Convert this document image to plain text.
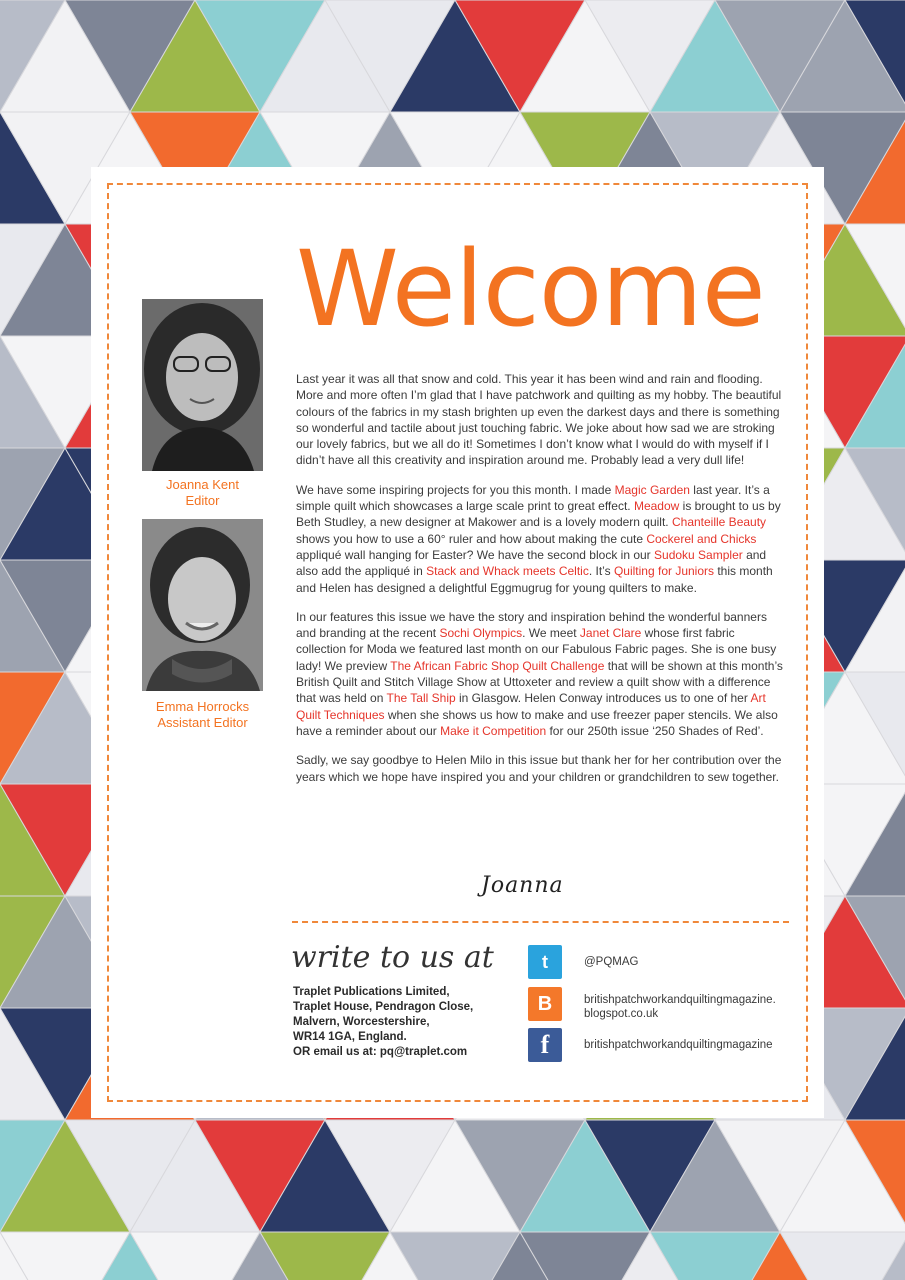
Welcome
Joanna Kent
Editor
Emma Horrocks
Assistant Editor

Last year it was all that snow and cold. This year it has been wind and rain and flooding. More and more often I’m glad that I have patchwork and quilting as my hobby. The beautiful colours of the fabrics in my stash brighten up even the darkest days and there is something so wonderful and tactile about just touching fabric. We joke about how sad we are stroking our lovely fabrics, but we all do it! Sometimes I don’t know what I would do with myself if I didn’t have all this creativity and inspiration around me. Probably lead a very dull life!

We have some inspiring projects for you this month. I made Magic Garden last year. It’s a simple quilt which showcases a large scale print to great effect. Meadow is brought to us by Beth Studley, a new designer at Makower and is a lovely modern quilt. Chanteille Beauty shows you how to use a 60° ruler and how about making the cute Cockerel and Chicks appliqué wall hanging for Easter? We have the second block in our Sudoku Sampler and also add the appliqué in Stack and Whack meets Celtic. It’s Quilting for Juniors this month and Helen has designed a delightful Eggmugrug for young quilters to make.

In our features this issue we have the story and inspiration behind the wonderful banners and branding at the recent Sochi Olympics. We meet Janet Clare whose first fabric collection for Moda we featured last month on our Fabulous Fabric pages. She is one busy lady! We preview The African Fabric Shop Quilt Challenge that will be shown at this month’s British Quilt and Stitch Village Show at Uttoxeter and review a quilt show with a difference that was held on The Tall Ship in Glasgow. Helen Conway introduces us to one of her Art Quilt Techniques when she shows us how to make and use freezer paper stencils. We also have a reminder about our Make it Competition for our 250th issue ‘250 Shades of Red’.

Sadly, we say goodbye to Helen Milo in this issue but thank her for her contribution over the years which we hope have inspired you and your children or grandchildren to sew together.

Joanna
write to us at
Traplet Publications Limited,
Traplet House, Pendragon Close,
Malvern, Worcestershire,
WR14 1GA, England.
OR email us at: pq@traplet.com
t	@PQMAG
B	britishpatchworkandquiltingmagazine.
blogspot.co.uk
f	britishpatchworkandquiltingmagazine
